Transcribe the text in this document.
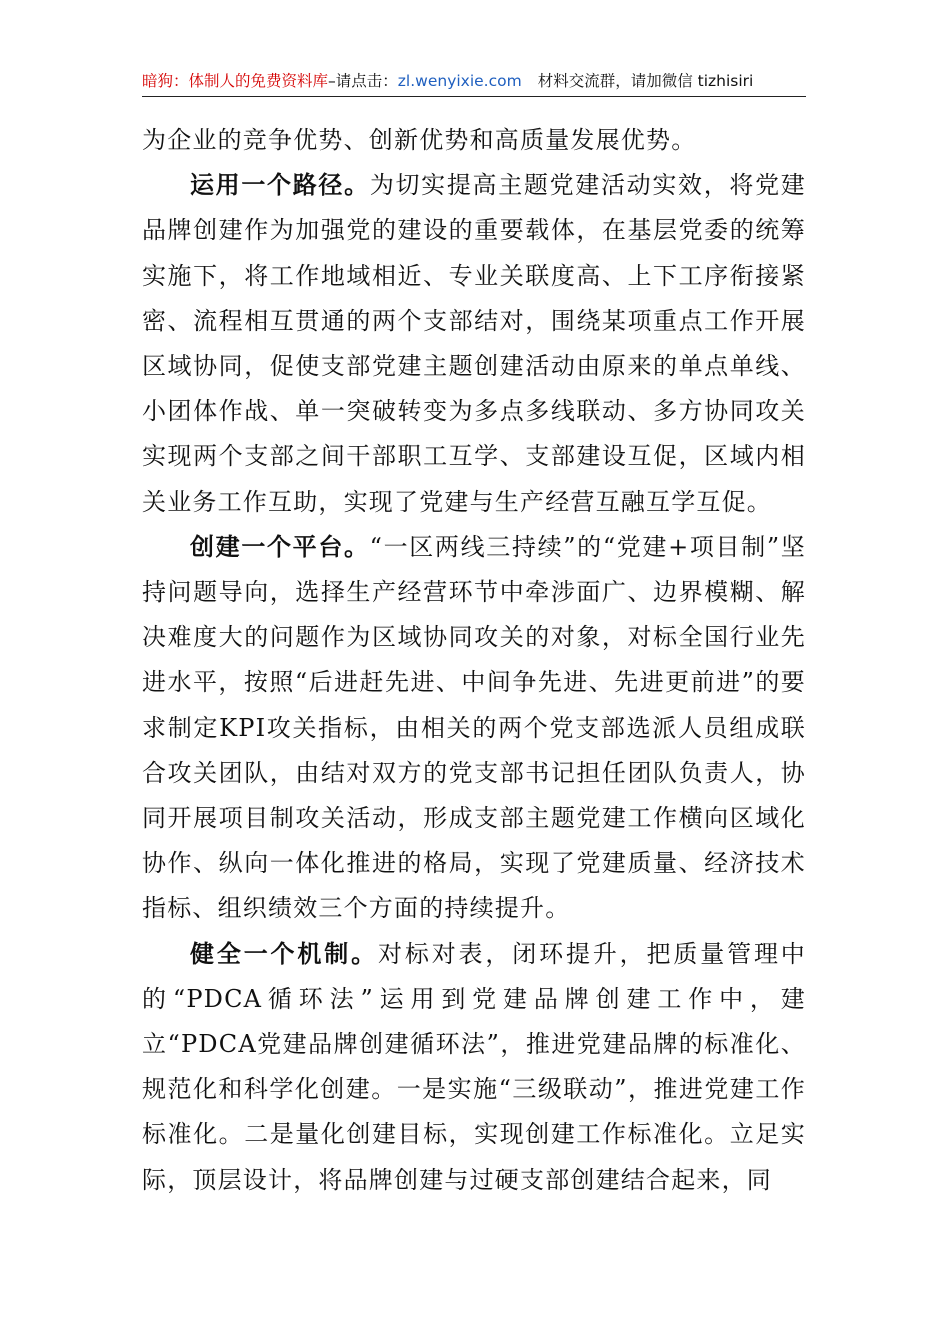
暗狗：体制人的免费资料库–请点击：zl.wenyixie.com 材料交流群，请加微信 tizhisiri

为企业的竞争优势、创新优势和高质量发展优势。

运用一个路径。为切实提高主题党建活动实效，将党建品牌创建作为加强党的建设的重要载体，在基层党委的统筹实施下，将工作地域相近、专业关联度高、上下工序衔接紧密、流程相互贯通的两个支部结对，围绕某项重点工作开展区域协同，促使支部党建主题创建活动由原来的单点单线、小团体作战、单一突破转变为多点多线联动、多方协同攻关实现两个支部之间干部职工互学、支部建设互促，区域内相关业务工作互助，实现了党建与生产经营互融互学互促。

创建一个平台。“一区两线三持续”的“党建+项目制”坚持问题导向，选择生产经营环节中牵涉面广、边界模糊、解决难度大的问题作为区域协同攻关的对象，对标全国行业先进水平，按照“后进赶先进、中间争先进、先进更前进”的要求制定KPI攻关指标，由相关的两个党支部选派人员组成联合攻关团队，由结对双方的党支部书记担任团队负责人，协同开展项目制攻关活动，形成支部主题党建工作横向区域化协作、纵向一体化推进的格局，实现了党建质量、经济技术指标、组织绩效三个方面的持续提升。

健全一个机制。对标对表，闭环提升，把质量管理中的“PDCA循环法”运用到党建品牌创建工作中，建立“PDCA党建品牌创建循环法”，推进党建品牌的标准化、规范化和科学化创建。一是实施“三级联动”，推进党建工作标准化。二是量化创建目标，实现创建工作标准化。立足实际，顶层设计，将品牌创建与过硬支部创建结合起来，同
